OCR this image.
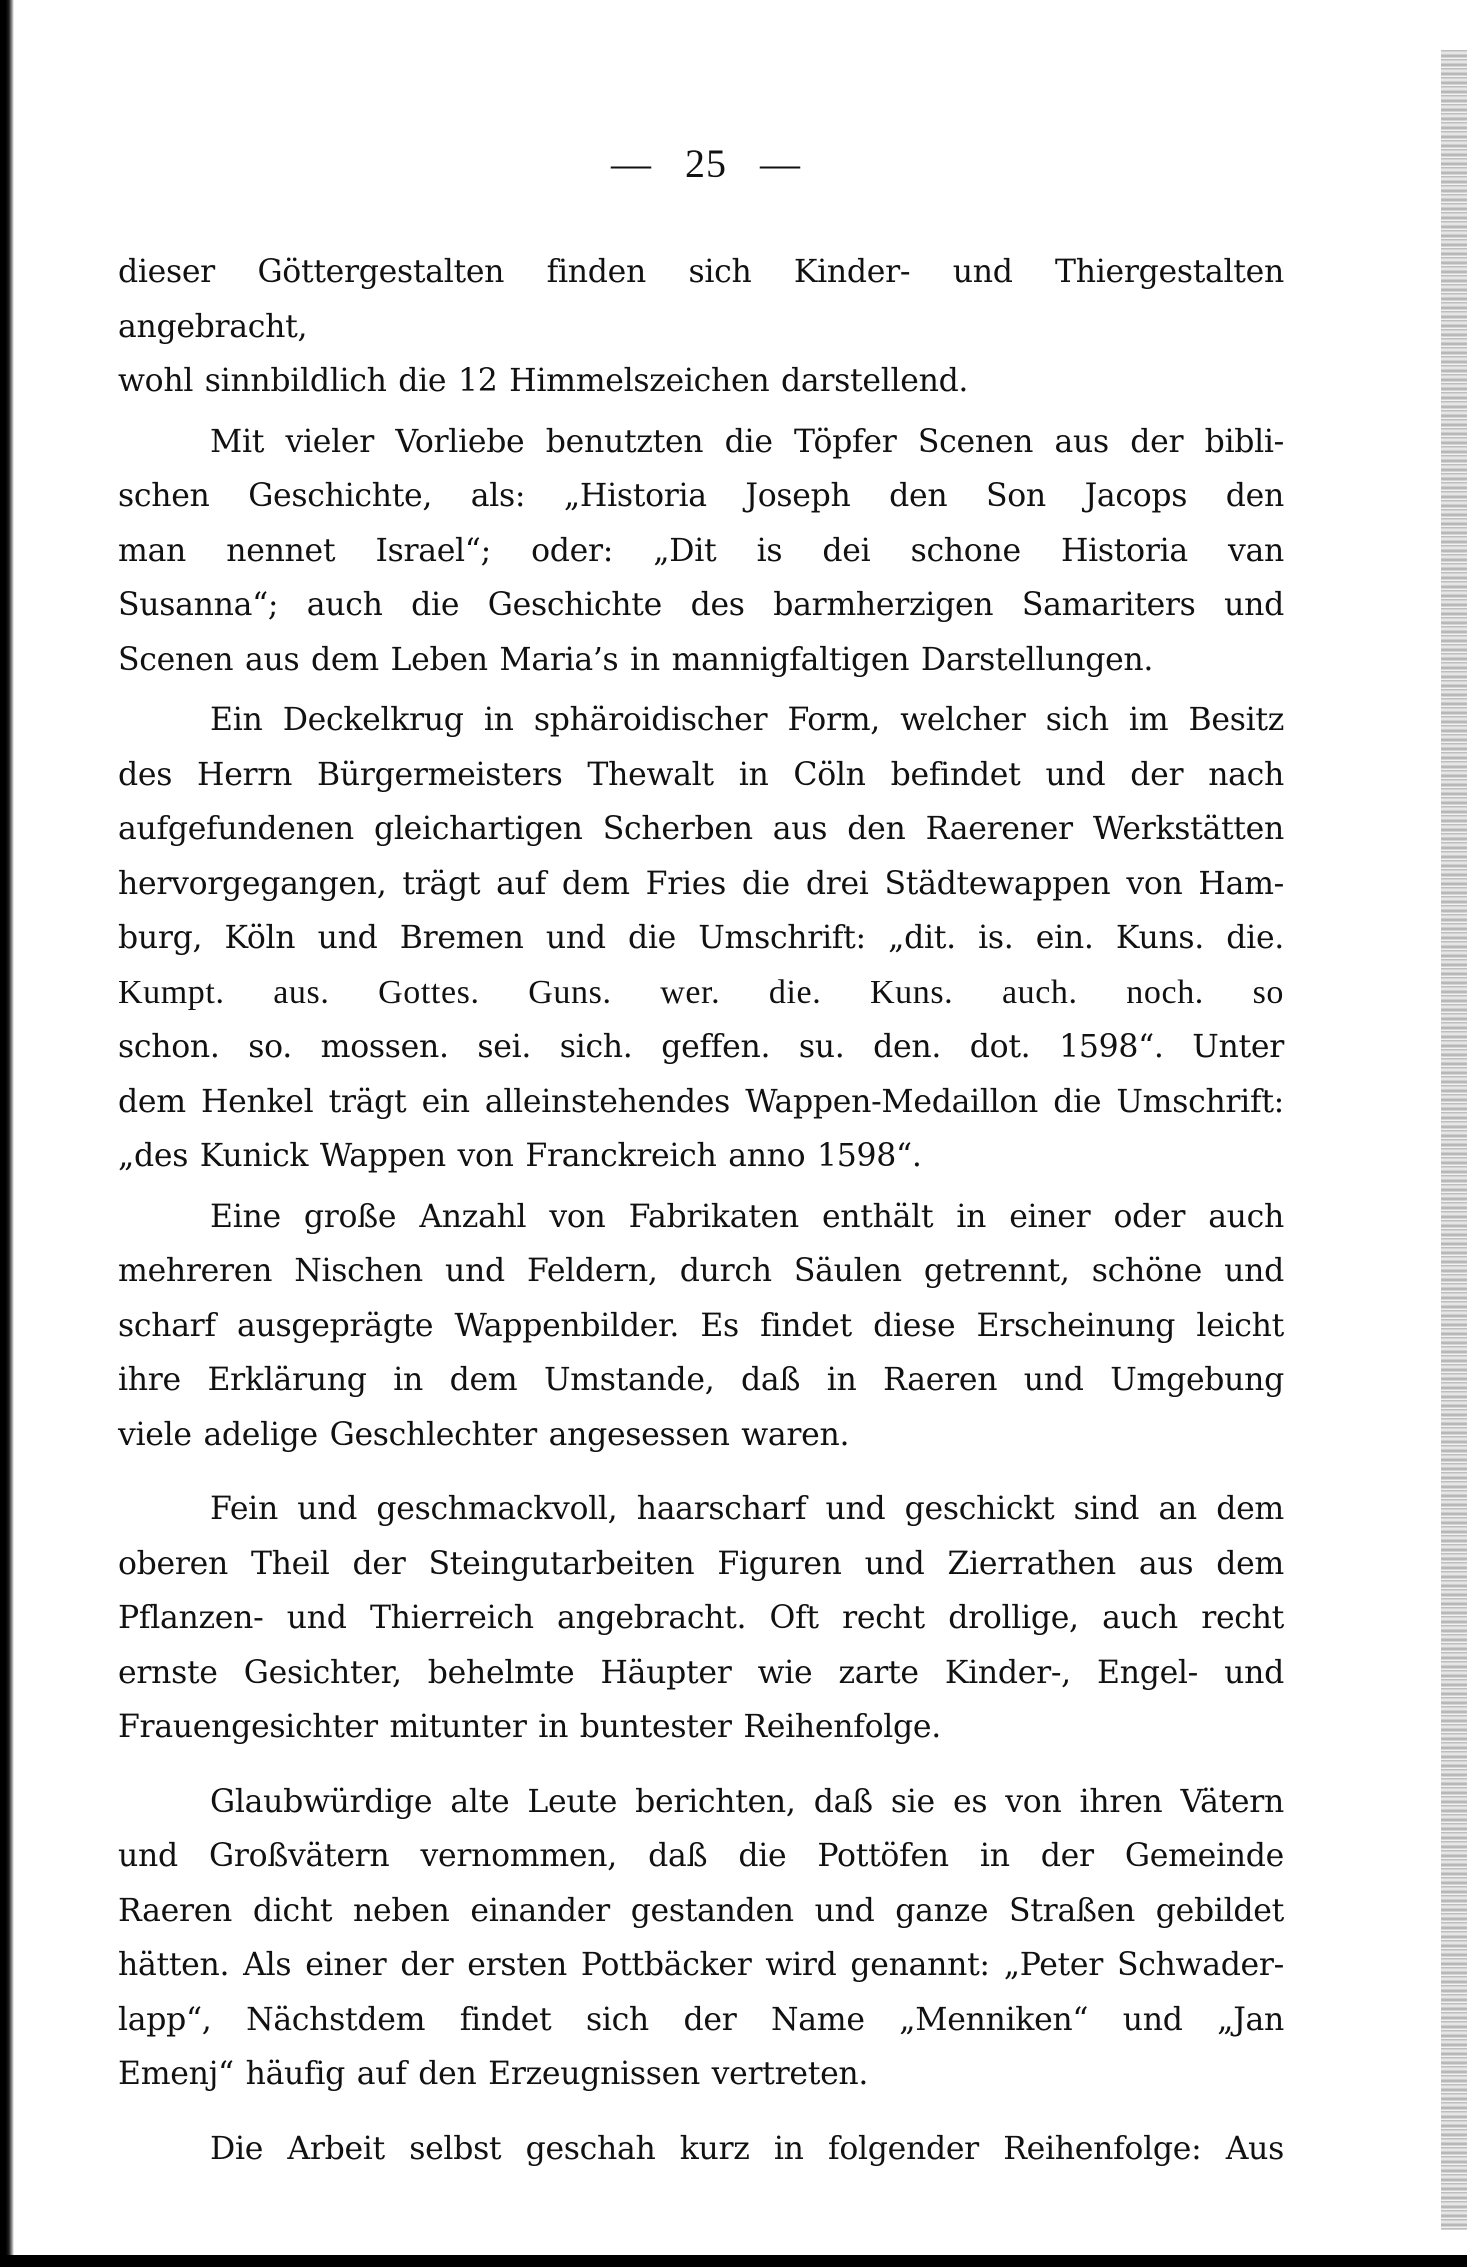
— 25 —
dieser Göttergestalten finden sich Kinder- und Thiergestalten angebracht,
wohl sinnbildlich die 12 Himmelszeichen darstellend.
Mit vieler Vorliebe benutzten die Töpfer Scenen aus der bibli-
schen Geschichte, als: „Historia Joseph den Son Jacops den
man nennet Israel“; oder: „Dit is dei schone Historia van
Susanna“; auch die Geschichte des barmherzigen Samariters und
Scenen aus dem Leben Maria’s in mannigfaltigen Darstellungen.
Ein Deckelkrug in sphäroidischer Form, welcher sich im Besitz
des Herrn Bürgermeisters Thewalt in Cöln befindet und der nach
aufgefundenen gleichartigen Scherben aus den Raerener Werkstätten
hervorgegangen, trägt auf dem Fries die drei Städtewappen von Ham-
burg, Köln und Bremen und die Umschrift: „dit. is. ein. Kuns. die.
Kumpt. aus. Gottes. Guns. wer. die. Kuns. auch. noch. so
schon. so. mossen. sei. sich. geffen. su. den. dot. 1598“. Unter
dem Henkel trägt ein alleinstehendes Wappen-Medaillon die Umschrift:
„des Kunick Wappen von Franckreich anno 1598“.
Eine große Anzahl von Fabrikaten enthält in einer oder auch
mehreren Nischen und Feldern, durch Säulen getrennt, schöne und
scharf ausgeprägte Wappenbilder. Es findet diese Erscheinung leicht
ihre Erklärung in dem Umstande, daß in Raeren und Umgebung
viele adelige Geschlechter angesessen waren.
Fein und geschmackvoll, haarscharf und geschickt sind an dem
oberen Theil der Steingutarbeiten Figuren und Zierrathen aus dem
Pflanzen- und Thierreich angebracht. Oft recht drollige, auch recht
ernste Gesichter, behelmte Häupter wie zarte Kinder-, Engel- und
Frauengesichter mitunter in buntester Reihenfolge.
Glaubwürdige alte Leute berichten, daß sie es von ihren Vätern
und Großvätern vernommen, daß die Pottöfen in der Gemeinde
Raeren dicht neben einander gestanden und ganze Straßen gebildet
hätten. Als einer der ersten Pottbäcker wird genannt: „Peter Schwader-
lapp“, Nächstdem findet sich der Name „Menniken“ und „Jan
Emenj“ häufig auf den Erzeugnissen vertreten.
Die Arbeit selbst geschah kurz in folgender Reihenfolge: Aus
